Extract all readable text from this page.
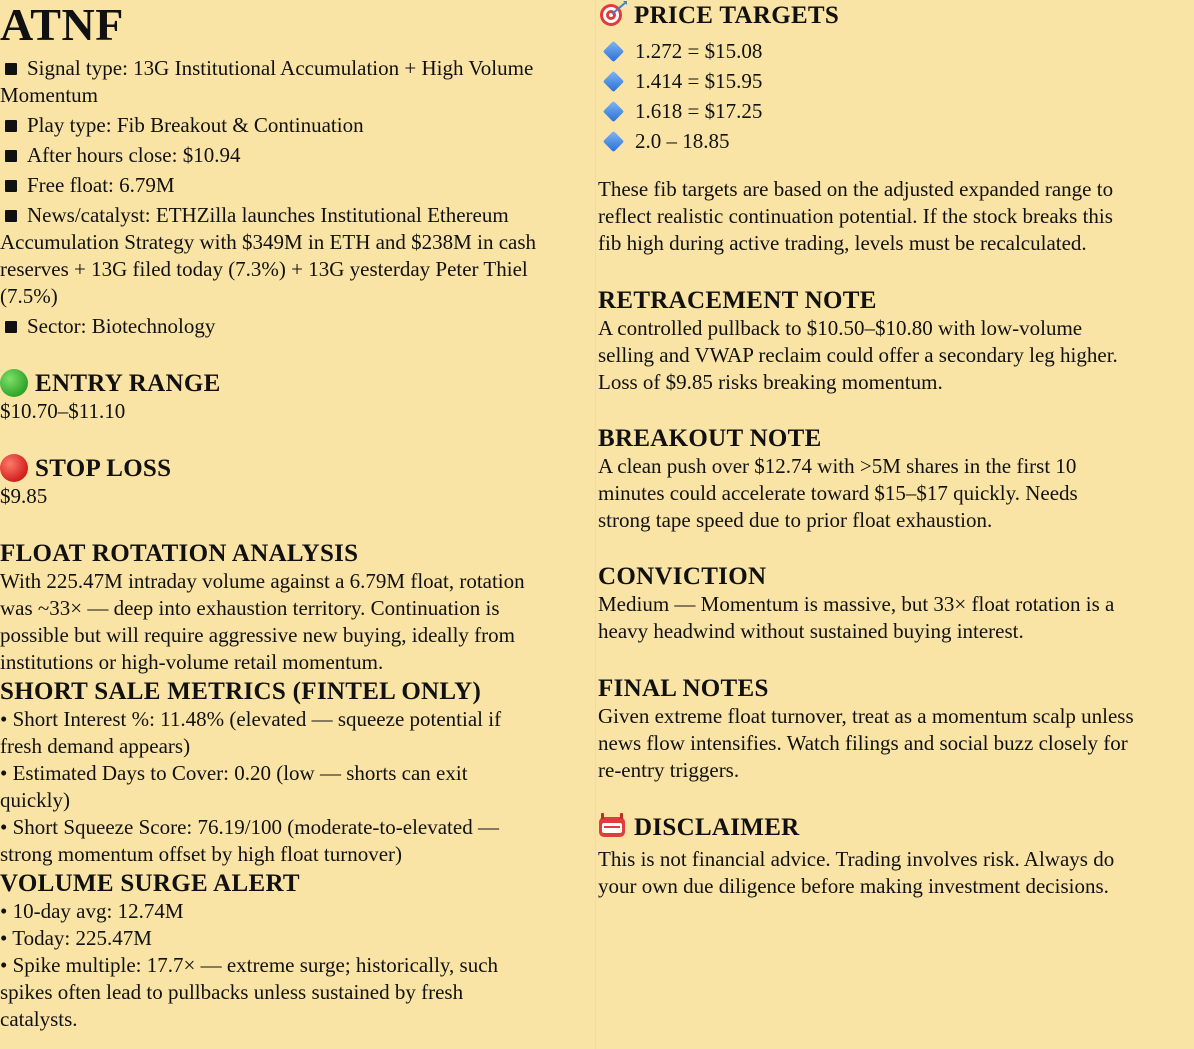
ATNF

Signal type: 13G Institutional Accumulation + High Volume

Momentum

Play type: Fib Breakout & Continuation

After hours close: $10.94

Free float: 6.79M

News/catalyst: ETHZilla launches Institutional Ethereum

Accumulation Strategy with $349M in ETH and $238M in cash

reserves + 13G filed today (7.3%) + 13G yesterday Peter Thiel

(7.5%)

Sector: Biotechnology

ENTRY RANGE

$10.70–$11.10

STOP LOSS

$9.85

FLOAT ROTATION ANALYSIS

With 225.47M intraday volume against a 6.79M float, rotation

was ~33× — deep into exhaustion territory. Continuation is

possible but will require aggressive new buying, ideally from

institutions or high-volume retail momentum.

SHORT SALE METRICS (FINTEL ONLY)

• Short Interest %: 11.48% (elevated — squeeze potential if

fresh demand appears)

• Estimated Days to Cover: 0.20 (low — shorts can exit

quickly)

• Short Squeeze Score: 76.19/100 (moderate-to-elevated —

strong momentum offset by high float turnover)

VOLUME SURGE ALERT

• 10-day avg: 12.74M

• Today: 225.47M

• Spike multiple: 17.7× — extreme surge; historically, such

spikes often lead to pullbacks unless sustained by fresh

catalysts.

PRICE TARGETS

1.272 = $15.08

1.414 = $15.95

1.618 = $17.25

2.0 – 18.85

These fib targets are based on the adjusted expanded range to

reflect realistic continuation potential. If the stock breaks this

fib high during active trading, levels must be recalculated.

RETRACEMENT NOTE

A controlled pullback to $10.50–$10.80 with low-volume

selling and VWAP reclaim could offer a secondary leg higher.

Loss of $9.85 risks breaking momentum.

BREAKOUT NOTE

A clean push over $12.74 with >5M shares in the first 10

minutes could accelerate toward $15–$17 quickly. Needs

strong tape speed due to prior float exhaustion.

CONVICTION

Medium — Momentum is massive, but 33× float rotation is a

heavy headwind without sustained buying interest.

FINAL NOTES

Given extreme float turnover, treat as a momentum scalp unless

news flow intensifies. Watch filings and social buzz closely for

re-entry triggers.

DISCLAIMER

This is not financial advice. Trading involves risk. Always do

your own due diligence before making investment decisions.
